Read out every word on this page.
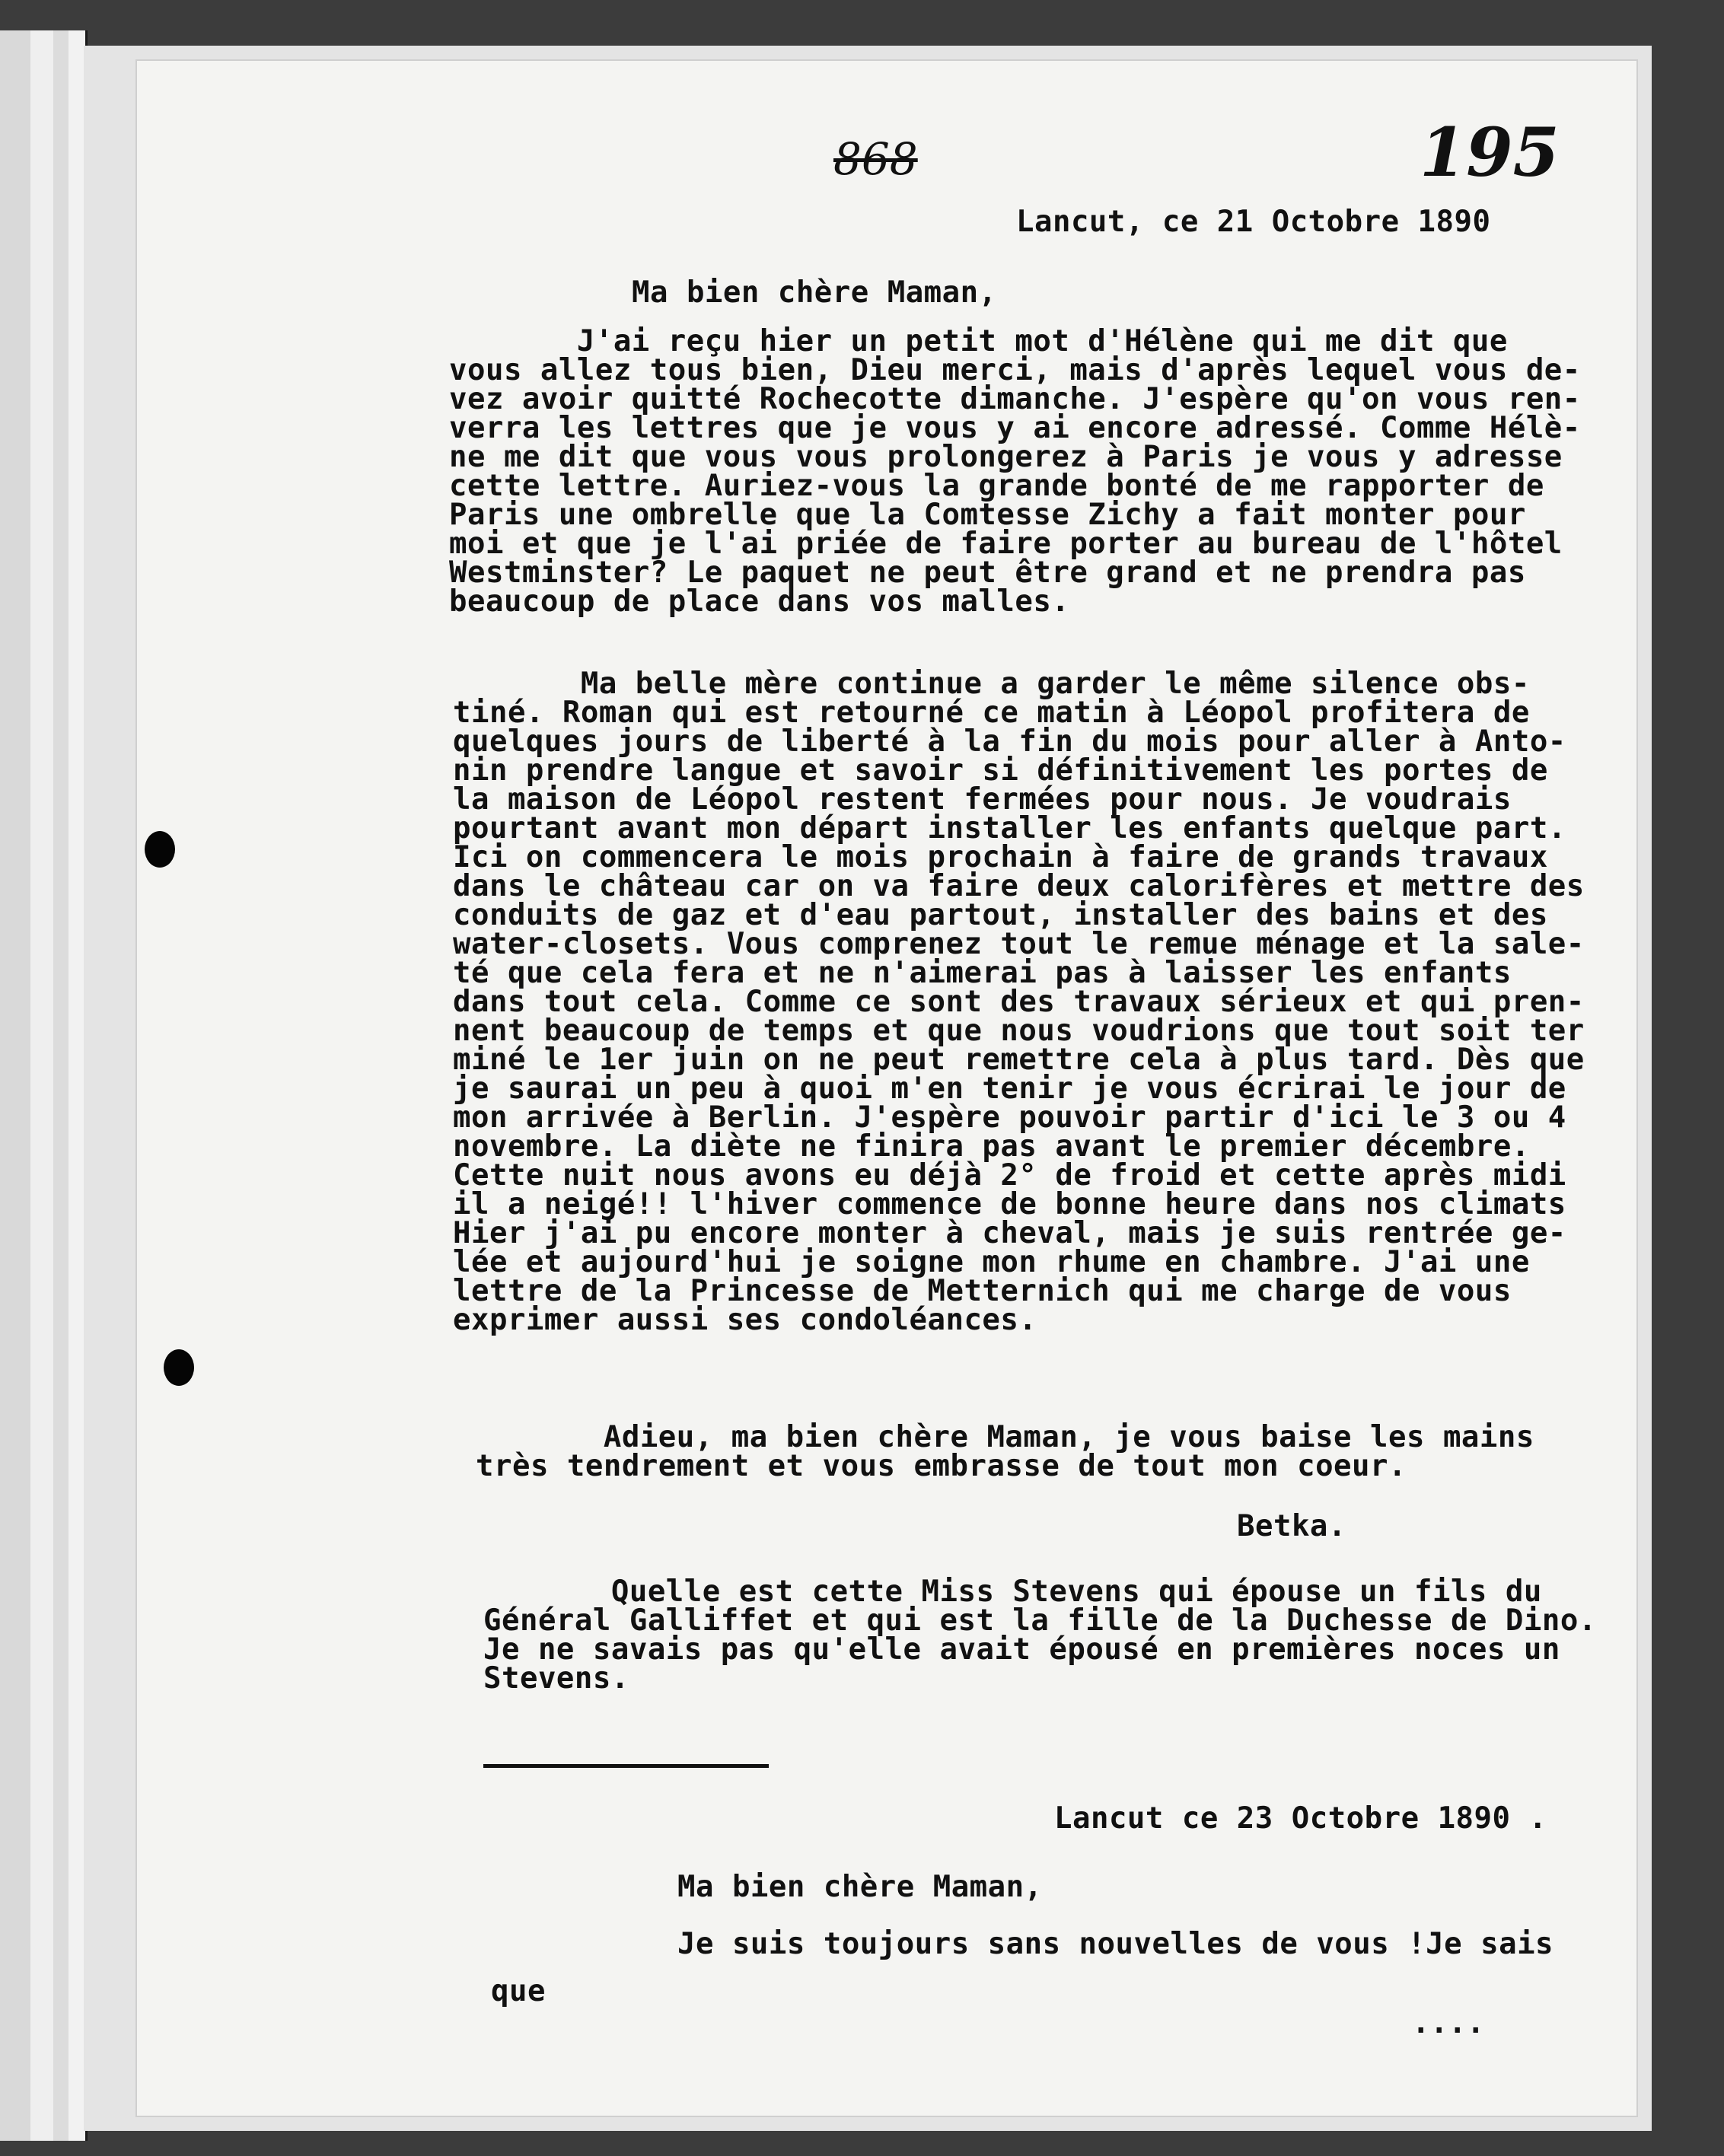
868	195
Lancut, ce 21 Octobre 1890
Ma bien chère Maman,
J'ai reçu hier un petit mot d'Hélène qui me dit que
vous allez tous bien, Dieu merci, mais d'après lequel vous de-
vez avoir quitté Rochecotte dimanche. J'espère qu'on vous ren-
verra les lettres que je vous y ai encore adressé. Comme Hélè-
ne me dit que vous vous prolongerez à Paris je vous y adresse
cette lettre. Auriez-vous la grande bonté de me rapporter de
Paris une ombrelle que la Comtesse Zichy a fait monter pour
moi et que je l'ai priée de faire porter au bureau de l'hôtel
Westminster? Le paquet ne peut être grand et ne prendra pas
beaucoup de place dans vos malles.
Ma belle mère continue a garder le même silence obs-
tiné. Roman qui est retourné ce matin à Léopol profitera de
quelques jours de liberté à la fin du mois pour aller à Anto-
nin prendre langue et savoir si définitivement les portes de
la maison de Léopol restent fermées pour nous. Je voudrais
pourtant avant mon départ installer les enfants quelque part.
Ici on commencera le mois prochain à faire de grands travaux
dans le château car on va faire deux calorifères et mettre des
conduits de gaz et d'eau partout, installer des bains et des
water-closets. Vous comprenez tout le remue ménage et la sale-
té que cela fera et ne n'aimerai pas à laisser les enfants
dans tout cela. Comme ce sont des travaux sérieux et qui pren-
nent beaucoup de temps et que nous voudrions que tout soit ter
miné le 1er juin on ne peut remettre cela à plus tard. Dès que
je saurai un peu à quoi m'en tenir je vous écrirai le jour de
mon arrivée à Berlin. J'espère pouvoir partir d'ici le 3 ou 4
novembre. La diète ne finira pas avant le premier décembre.
Cette nuit nous avons eu déjà 2° de froid et cette après midi
il a neigé!! l'hiver commence de bonne heure dans nos climats
Hier j'ai pu encore monter à cheval, mais je suis rentrée ge-
lée et aujourd'hui je soigne mon rhume en chambre. J'ai une
lettre de la Princesse de Metternich qui me charge de vous
exprimer aussi ses condoléances.
Adieu, ma bien chère Maman, je vous baise les mains
très tendrement et vous embrasse de tout mon coeur.
Betka.
Quelle est cette Miss Stevens qui épouse un fils du
Général Galliffet et qui est la fille de la Duchesse de Dino.
Je ne savais pas qu'elle avait épousé en premières noces un
Stevens.
Lancut ce 23 Octobre 1890 .
Ma bien chère Maman,
Je suis toujours sans nouvelles de vous !Je sais
que
....
